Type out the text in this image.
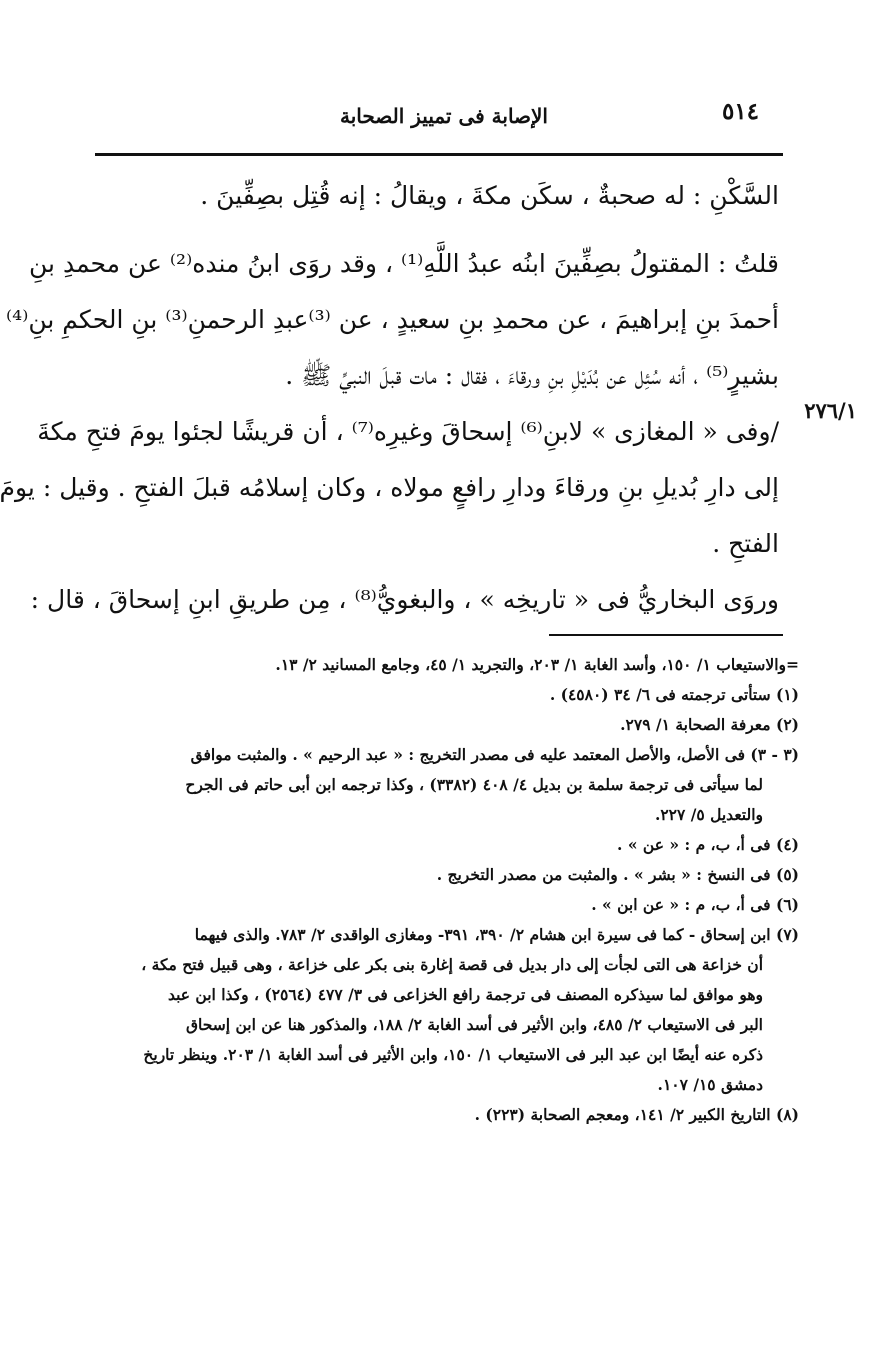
٥١٤
الإصابة فى تمييز الصحابة
٢٧٦/١
السَّكْنِ : له صحبةٌ ، سكَن مكةَ ، ويقالُ : إنه قُتِل بصِفِّينَ .
قلتُ : المقتولُ بصِفِّينَ ابنُه عبدُ اللَّهِ⁽¹⁾ ، وقد روَى ابنُ منده⁽²⁾ عن محمدِ بنِ
أحمدَ بنِ إبراهيمَ ، عن محمدِ بنِ سعيدٍ ، عن ⁽³⁾عبدِ الرحمنِ⁽³⁾ بنِ الحكمِ بنِ⁽⁴⁾
بشيرٍ⁽⁵⁾ ، أنه سُئِل عن بُدَيْلِ بنِ ورقاءَ ، فقال : مات قبلَ النبيِّ ﷺ .
/وفى « المغازى » لابنِ⁽⁶⁾ إسحاقَ وغيرِه⁽⁷⁾ ، أن قريشًا لجئوا يومَ فتحِ مكةَ
إلى دارِ بُديلِ بنِ ورقاءَ ودارِ رافعٍ مولاه ، وكان إسلامُه قبلَ الفتحِ . وقيل : يومَ
الفتحِ .
وروَى البخاريُّ فى « تاريخِه » ، والبغويُّ⁽⁸⁾ ، مِن طريقِ ابنِ إسحاقَ ، قال :
=والاستيعاب ١/ ١٥٠، وأسد الغابة ١/ ٢٠٣، والتجريد ١/ ٤٥، وجامع المسانيد ٢/ ١٣.
(١) ستأتى ترجمته فى ٦/ ٣٤ (٤٥٨٠) .
(٢) معرفة الصحابة ١/ ٢٧٩.
(٣ - ٣) فى الأصل، والأصل المعتمد عليه فى مصدر التخريج : « عبد الرحيم » . والمثبت موافق
لما سيأتى فى ترجمة سلمة بن بديل ٤/ ٤٠٨ (٣٣٨٢) ، وكذا ترجمه ابن أبى حاتم فى الجرح
والتعديل ٥/ ٢٢٧.
(٤) فى أ، ب، م : « عن » .
(٥) فى النسخ : « بشر » . والمثبت من مصدر التخريج .
(٦) فى أ، ب، م : « عن ابن » .
(٧) ابن إسحاق - كما فى سيرة ابن هشام ٢/ ٣٩٠، ٣٩١- ومغازى الواقدى ٢/ ٧٨٣. والذى فيهما
أن خزاعة هى التى لجأت إلى دار بديل فى قصة إغارة بنى بكر على خزاعة ، وهى قبيل فتح مكة ،
وهو موافق لما سيذكره المصنف فى ترجمة رافع الخزاعى فى ٣/ ٤٧٧ (٢٥٦٤) ، وكذا ابن عبد
البر فى الاستيعاب ٢/ ٤٨٥، وابن الأثير فى أسد الغابة ٢/ ١٨٨، والمذكور هنا عن ابن إسحاق
ذكره عنه أيضًا ابن عبد البر فى الاستيعاب ١/ ١٥٠، وابن الأثير فى أسد الغابة ١/ ٢٠٣. وينظر تاريخ
دمشق ١٥/ ١٠٧.
(٨) التاريخ الكبير ٢/ ١٤١، ومعجم الصحابة (٢٢٣) .
